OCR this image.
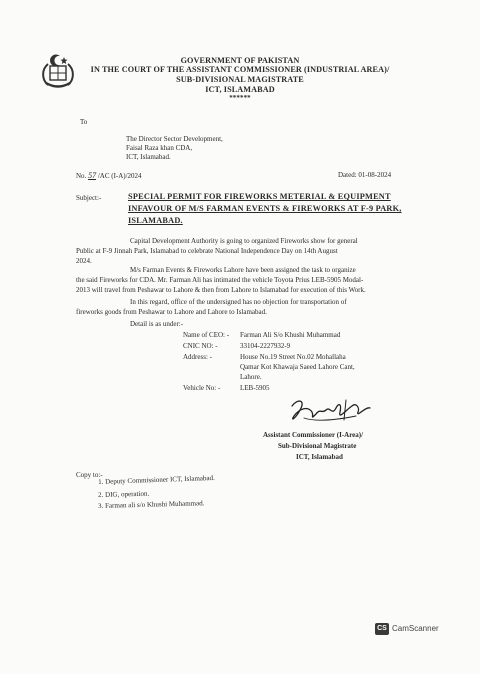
GOVERNMENT OF PAKISTAN
IN THE COURT OF THE ASSISTANT COMMISSIONER (INDUSTRIAL AREA)/
SUB-DIVISIONAL MAGISTRATE
ICT, ISLAMABAD
******
To
The Director Sector Development,
Faisal Raza khan CDA,
ICT, Islamabad.
No. 57 /AC (I-A)/2024	Dated: 01-08-2024
Subject:-	SPECIAL PERMIT FOR FIREWORKS METERIAL & EQUIPMENT
INFAVOUR OF M/S FARMAN EVENTS & FIREWORKS AT F-9 PARK,
ISLAMABAD.
Capital Development Authority is going to organized Fireworks show for general
Public at F-9 Jinnah Park, Islamabad to celebrate National Independence Day on 14th August
2024.
M/s Farman Events & Fireworks Lahore have been assigned the task to organize
the said Fireworks for CDA. Mr. Farman Ali has intimated the vehicle Toyota Prius LEB-5905 Modal-
2013 will travel from Peshawar to Lahore & then from Lahore to Islamabad for execution of this Work.
In this regard, office of the undersigned has no objection for transportation of
fireworks goods from Peshawar to Lahore and Lahore to Islamabad.
Detail is as under:-
Name of CEO: - Farman Ali S/o Khushi Muhammad
CNIC NO: -	33104-2227932-9
Address: -	House No.19 Street No.02 Mohallaha
Qamar Kot Khawaja Saeed Lahore Cant,
Lahore.
Vehicle No: -	LEB-5905
Assistant Commissioner (I-Area)/
Sub-Divisional Magistrate
ICT, Islamabad
Copy to:-
1. Deputy Commissioner ICT, Islamabad.
2. DIG, operation.
3. Farman ali s/o Khushi Muhammad.
CS CamScanner
